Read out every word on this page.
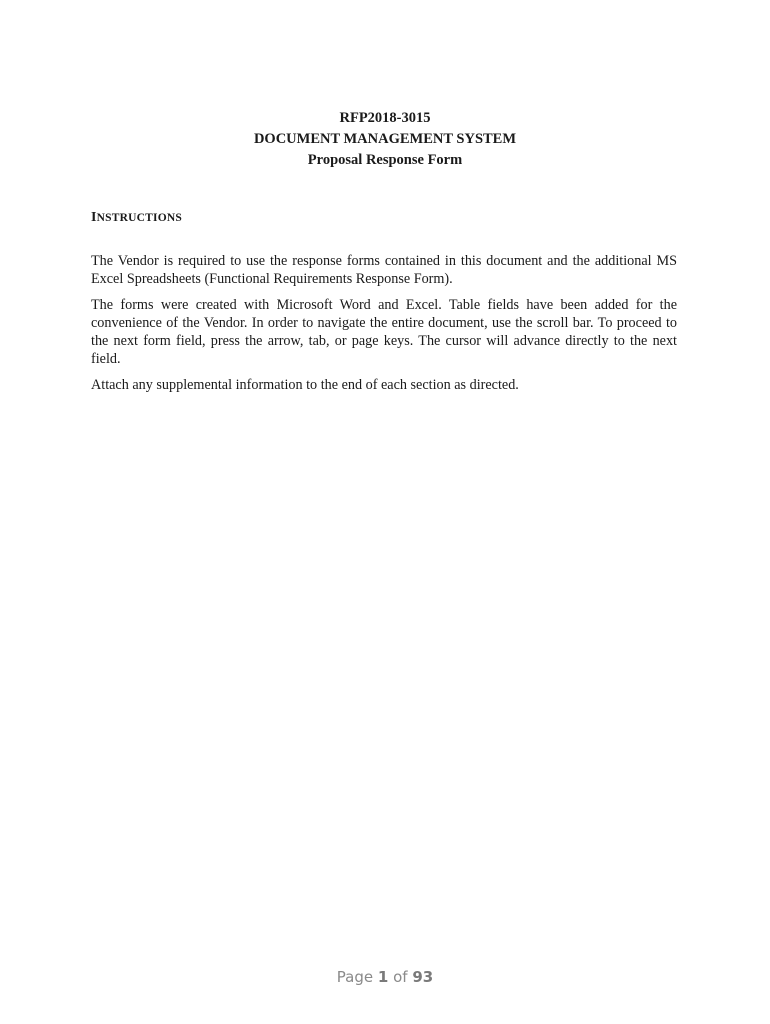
RFP2018-3015
DOCUMENT MANAGEMENT SYSTEM
Proposal Response Form
INSTRUCTIONS

The Vendor is required to use the response forms contained in this document and the additional MS Excel Spreadsheets (Functional Requirements Response Form).

The forms were created with Microsoft Word and Excel. Table fields have been added for the convenience of the Vendor. In order to navigate the entire document, use the scroll bar. To proceed to the next form field, press the arrow, tab, or page keys. The cursor will advance directly to the next field.

Attach any supplemental information to the end of each section as directed.

Page 1 of 93
